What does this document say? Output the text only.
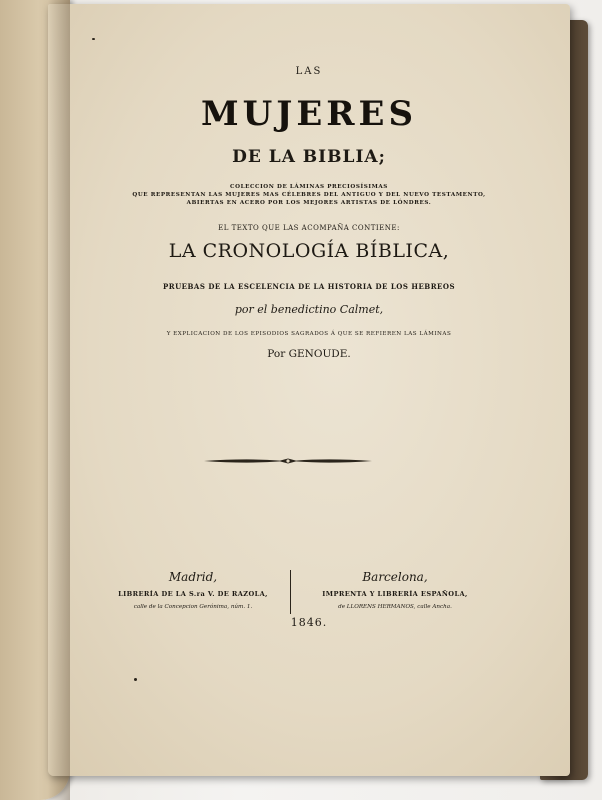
LAS
MUJERES
DE LA BIBLIA;
COLECCION DE LÁMINAS PRECIOSÍSIMAS
QUE REPRESENTAN LAS MUJERES MAS CÉLEBRES DEL ANTIGUO Y DEL NUEVO TESTAMENTO,
ABIERTAS EN ACERO POR LOS MEJORES ARTISTAS DE LÓNDRES.
EL TEXTO QUE LAS ACOMPAÑA CONTIENE:
LA CRONOLOGÍA BÍBLICA,
PRUEBAS DE LA ESCELENCIA DE LA HISTORIA DE LOS HEBREOS
por el benedictino Calmet,
Y EXPLICACION DE LOS EPISODIOS SAGRADOS Á QUE SE REFIEREN LAS LÁMINAS
Por GENOUDE.
Madrid,
LIBRERÍA DE LA S.ra V. DE RAZOLA,
calle de la Concepcion Gerónima, núm. 1.
Barcelona,
IMPRENTA Y LIBRERÍA ESPAÑOLA,
de LLORENS HERMANOS, calle Ancha.
1846.
